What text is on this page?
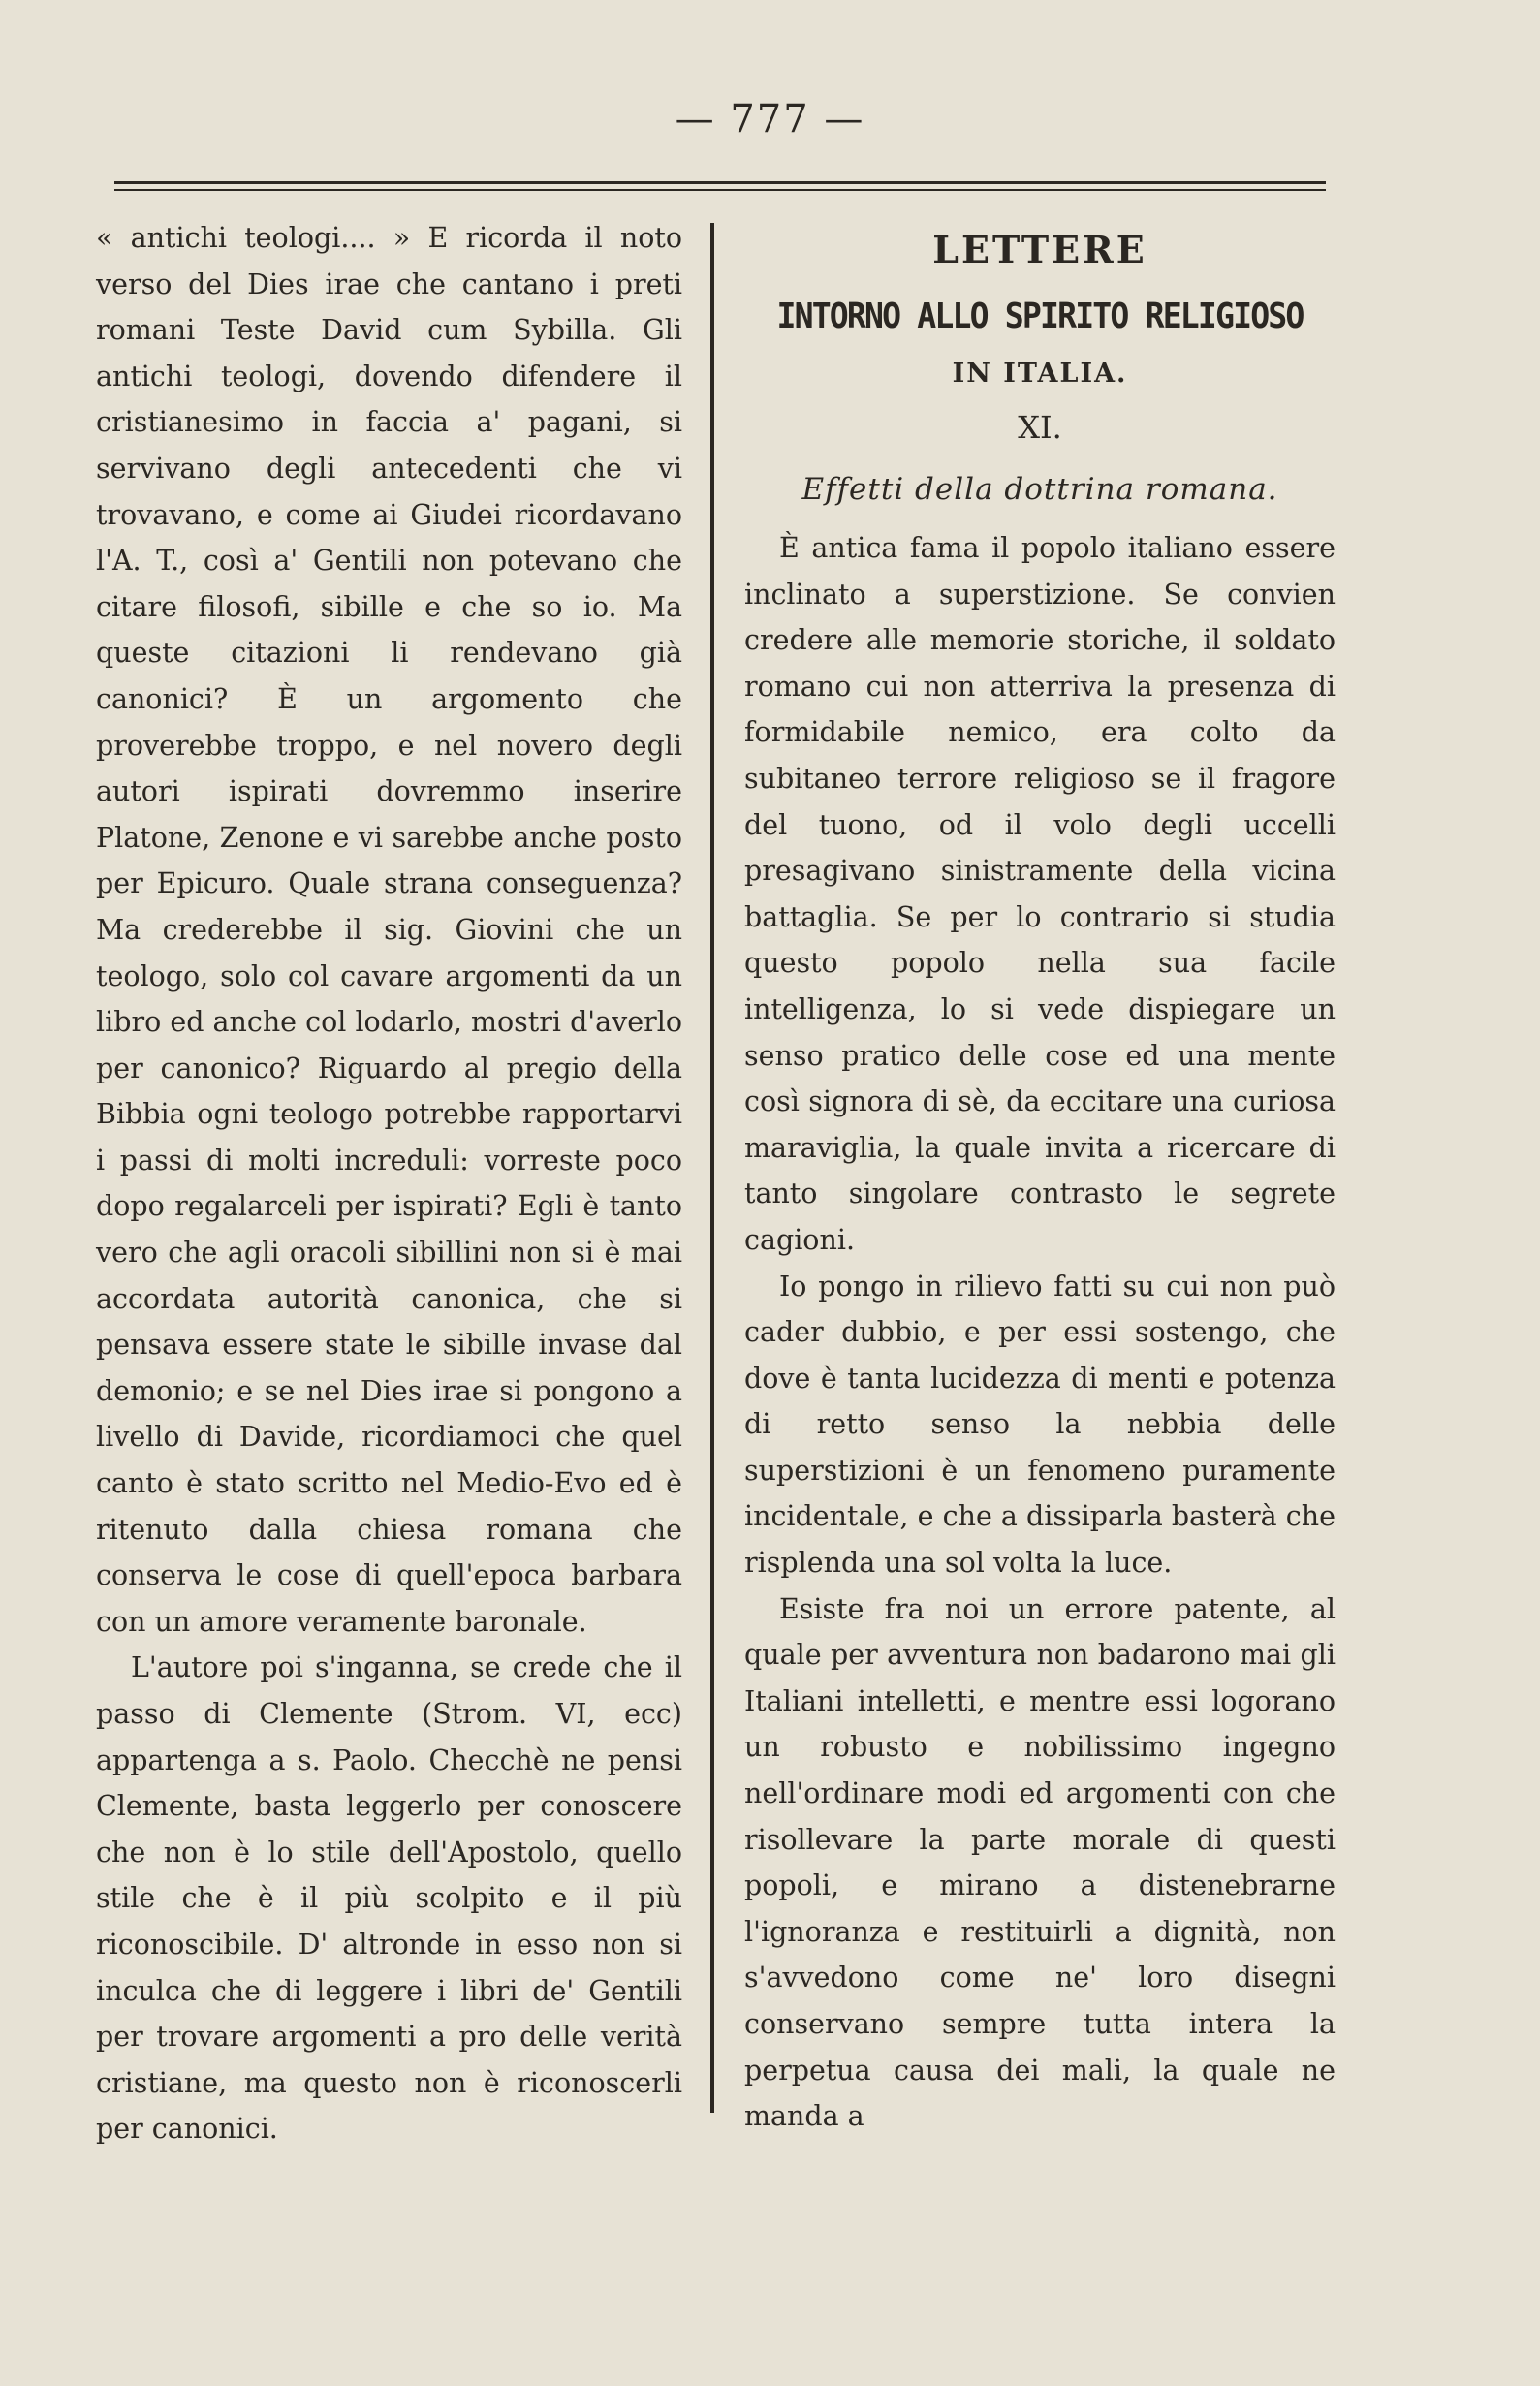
— 777 —

« antichi teologi.... » E ricorda il noto verso del Dies irae che cantano i preti romani Teste David cum Sybilla. Gli antichi teologi, dovendo difendere il cristianesimo in faccia a' pagani, si servivano degli antecedenti che vi trovavano, e come ai Giudei ricordavano l'A. T., così a' Gentili non potevano che citare filosofi, sibille e che so io. Ma queste citazioni li rendevano già canonici? È un argomento che proverebbe troppo, e nel novero degli autori ispirati dovremmo inserire Platone, Zenone e vi sarebbe anche posto per Epicuro. Quale strana conseguenza? Ma crederebbe il sig. Giovini che un teologo, solo col cavare argomenti da un libro ed anche col lodarlo, mostri d'averlo per canonico? Riguardo al pregio della Bibbia ogni teologo potrebbe rapportarvi i passi di molti increduli: vorreste poco dopo regalarceli per ispirati? Egli è tanto vero che agli oracoli sibillini non si è mai accordata autorità canonica, che si pensava essere state le sibille invase dal demonio; e se nel Dies irae si pongono a livello di Davide, ricordiamoci che quel canto è stato scritto nel Medio-Evo ed è ritenuto dalla chiesa romana che conserva le cose di quell'epoca barbara con un amore veramente baronale.

L'autore poi s'inganna, se crede che il passo di Clemente (Strom. VI, ecc) appartenga a s. Paolo. Checchè ne pensi Clemente, basta leggerlo per conoscere che non è lo stile dell'Apostolo, quello stile che è il più scolpito e il più riconoscibile. D' altronde in esso non si inculca che di leggere i libri de' Gentili per trovare argomenti a pro delle verità cristiane, ma questo non è riconoscerli per canonici.

LETTERE
INTORNO ALLO SPIRITO RELIGIOSO
IN ITALIA.
XI.
Effetti della dottrina romana.

È antica fama il popolo italiano essere inclinato a superstizione. Se convien credere alle memorie storiche, il soldato romano cui non atterriva la presenza di formidabile nemico, era colto da subitaneo terrore religioso se il fragore del tuono, od il volo degli uccelli presagivano sinistramente della vicina battaglia. Se per lo contrario si studia questo popolo nella sua facile intelligenza, lo si vede dispiegare un senso pratico delle cose ed una mente così signora di sè, da eccitare una curiosa maraviglia, la quale invita a ricercare di tanto singolare contrasto le segrete cagioni.

Io pongo in rilievo fatti su cui non può cader dubbio, e per essi sostengo, che dove è tanta lucidezza di menti e potenza di retto senso la nebbia delle superstizioni è un fenomeno puramente incidentale, e che a dissiparla basterà che risplenda una sol volta la luce.

Esiste fra noi un errore patente, al quale per avventura non badarono mai gli Italiani intelletti, e mentre essi logorano un robusto e nobilissimo ingegno nell'ordinare modi ed argomenti con che risollevare la parte morale di questi popoli, e mirano a distenebrarne l'ignoranza e restituirli a dignità, non s'avvedono come ne' loro disegni conservano sempre tutta intera la perpetua causa dei mali, la quale ne manda a
